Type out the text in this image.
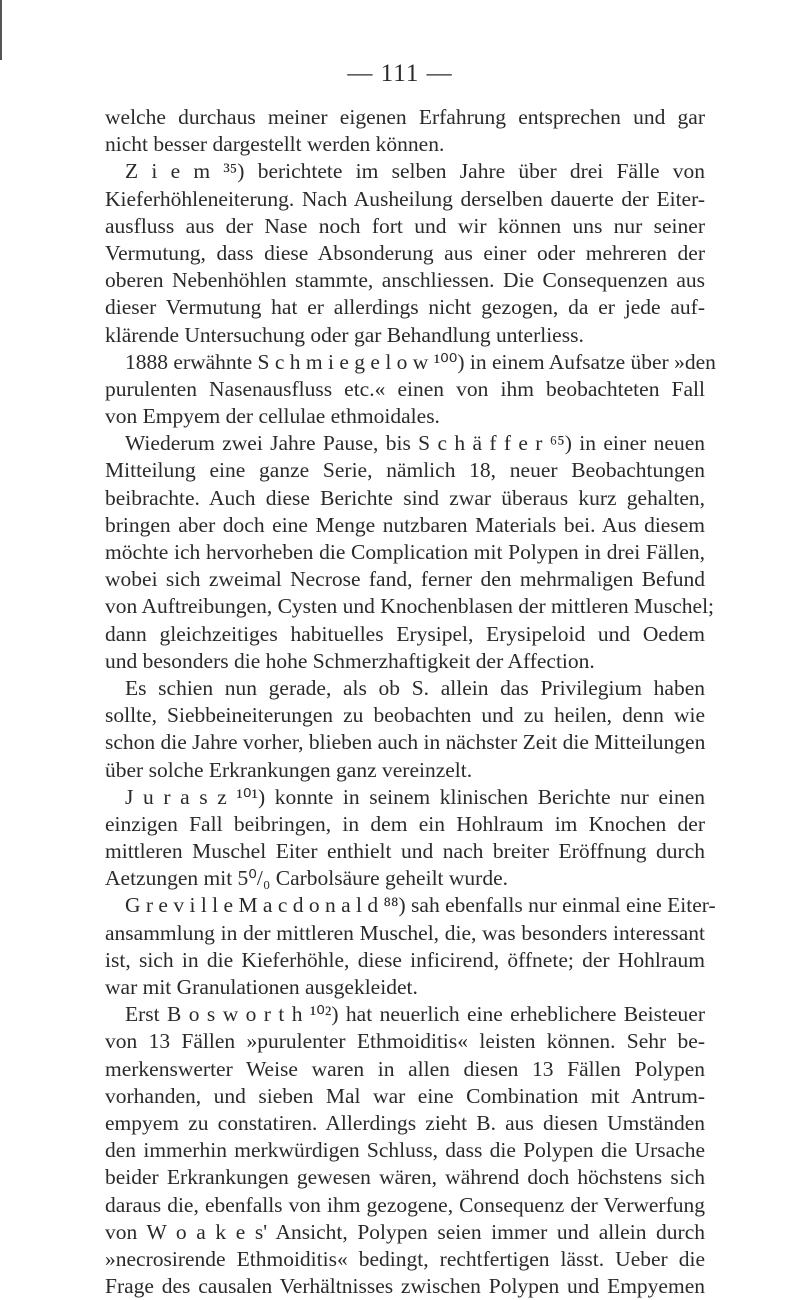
— 111 —
welche durchaus meiner eigenen Erfahrung entsprechen und gar
nicht besser dargestellt werden können.
Z i e m ³⁵) berichtete im selben Jahre über drei Fälle von
Kieferhöhleneiterung. Nach Ausheilung derselben dauerte der Eiter-
ausfluss aus der Nase noch fort und wir können uns nur seiner
Vermutung, dass diese Absonderung aus einer oder mehreren der
oberen Nebenhöhlen stammte, anschliessen. Die Consequenzen aus
dieser Vermutung hat er allerdings nicht gezogen, da er jede auf-
klärende Untersuchung oder gar Behandlung unterliess.
1888 erwähnte S c h m i e g e l o w ¹⁰⁰) in einem Aufsatze über »den
purulenten Nasenausfluss etc.« einen von ihm beobachteten Fall
von Empyem der cellulae ethmoidales.
Wiederum zwei Jahre Pause, bis S c h ä f f e r ⁶⁵) in einer neuen
Mitteilung eine ganze Serie, nämlich 18, neuer Beobachtungen
beibrachte. Auch diese Berichte sind zwar überaus kurz gehalten,
bringen aber doch eine Menge nutzbaren Materials bei. Aus diesem
möchte ich hervorheben die Complication mit Polypen in drei Fällen,
wobei sich zweimal Necrose fand, ferner den mehrmaligen Befund
von Auftreibungen, Cysten und Knochenblasen der mittleren Muschel;
dann gleichzeitiges habituelles Erysipel, Erysipeloid und Oedem
und besonders die hohe Schmerzhaftigkeit der Affection.
Es schien nun gerade, als ob S. allein das Privilegium haben
sollte, Siebbeineiterungen zu beobachten und zu heilen, denn wie
schon die Jahre vorher, blieben auch in nächster Zeit die Mitteilungen
über solche Erkrankungen ganz vereinzelt.
J u r a s z ¹⁰¹) konnte in seinem klinischen Berichte nur einen
einzigen Fall beibringen, in dem ein Hohlraum im Knochen der
mittleren Muschel Eiter enthielt und nach breiter Eröffnung durch
Aetzungen mit 5⁰/₀ Carbolsäure geheilt wurde.
G r e v i l l e M a c d o n a l d ⁸⁸) sah ebenfalls nur einmal eine Eiter-
ansammlung in der mittleren Muschel, die, was besonders interessant
ist, sich in die Kieferhöhle, diese inficirend, öffnete; der Hohlraum
war mit Granulationen ausgekleidet.
Erst B o s w o r t h ¹⁰²) hat neuerlich eine erheblichere Beisteuer
von 13 Fällen »purulenter Ethmoiditis« leisten können. Sehr be-
merkenswerter Weise waren in allen diesen 13 Fällen Polypen
vorhanden, und sieben Mal war eine Combination mit Antrum-
empyem zu constatiren. Allerdings zieht B. aus diesen Umständen
den immerhin merkwürdigen Schluss, dass die Polypen die Ursache
beider Erkrankungen gewesen wären, während doch höchstens sich
daraus die, ebenfalls von ihm gezogene, Consequenz der Verwerfung
von W o a k e s' Ansicht, Polypen seien immer und allein durch
»necrosirende Ethmoiditis« bedingt, rechtfertigen lässt. Ueber die
Frage des causalen Verhältnisses zwischen Polypen und Empyemen
